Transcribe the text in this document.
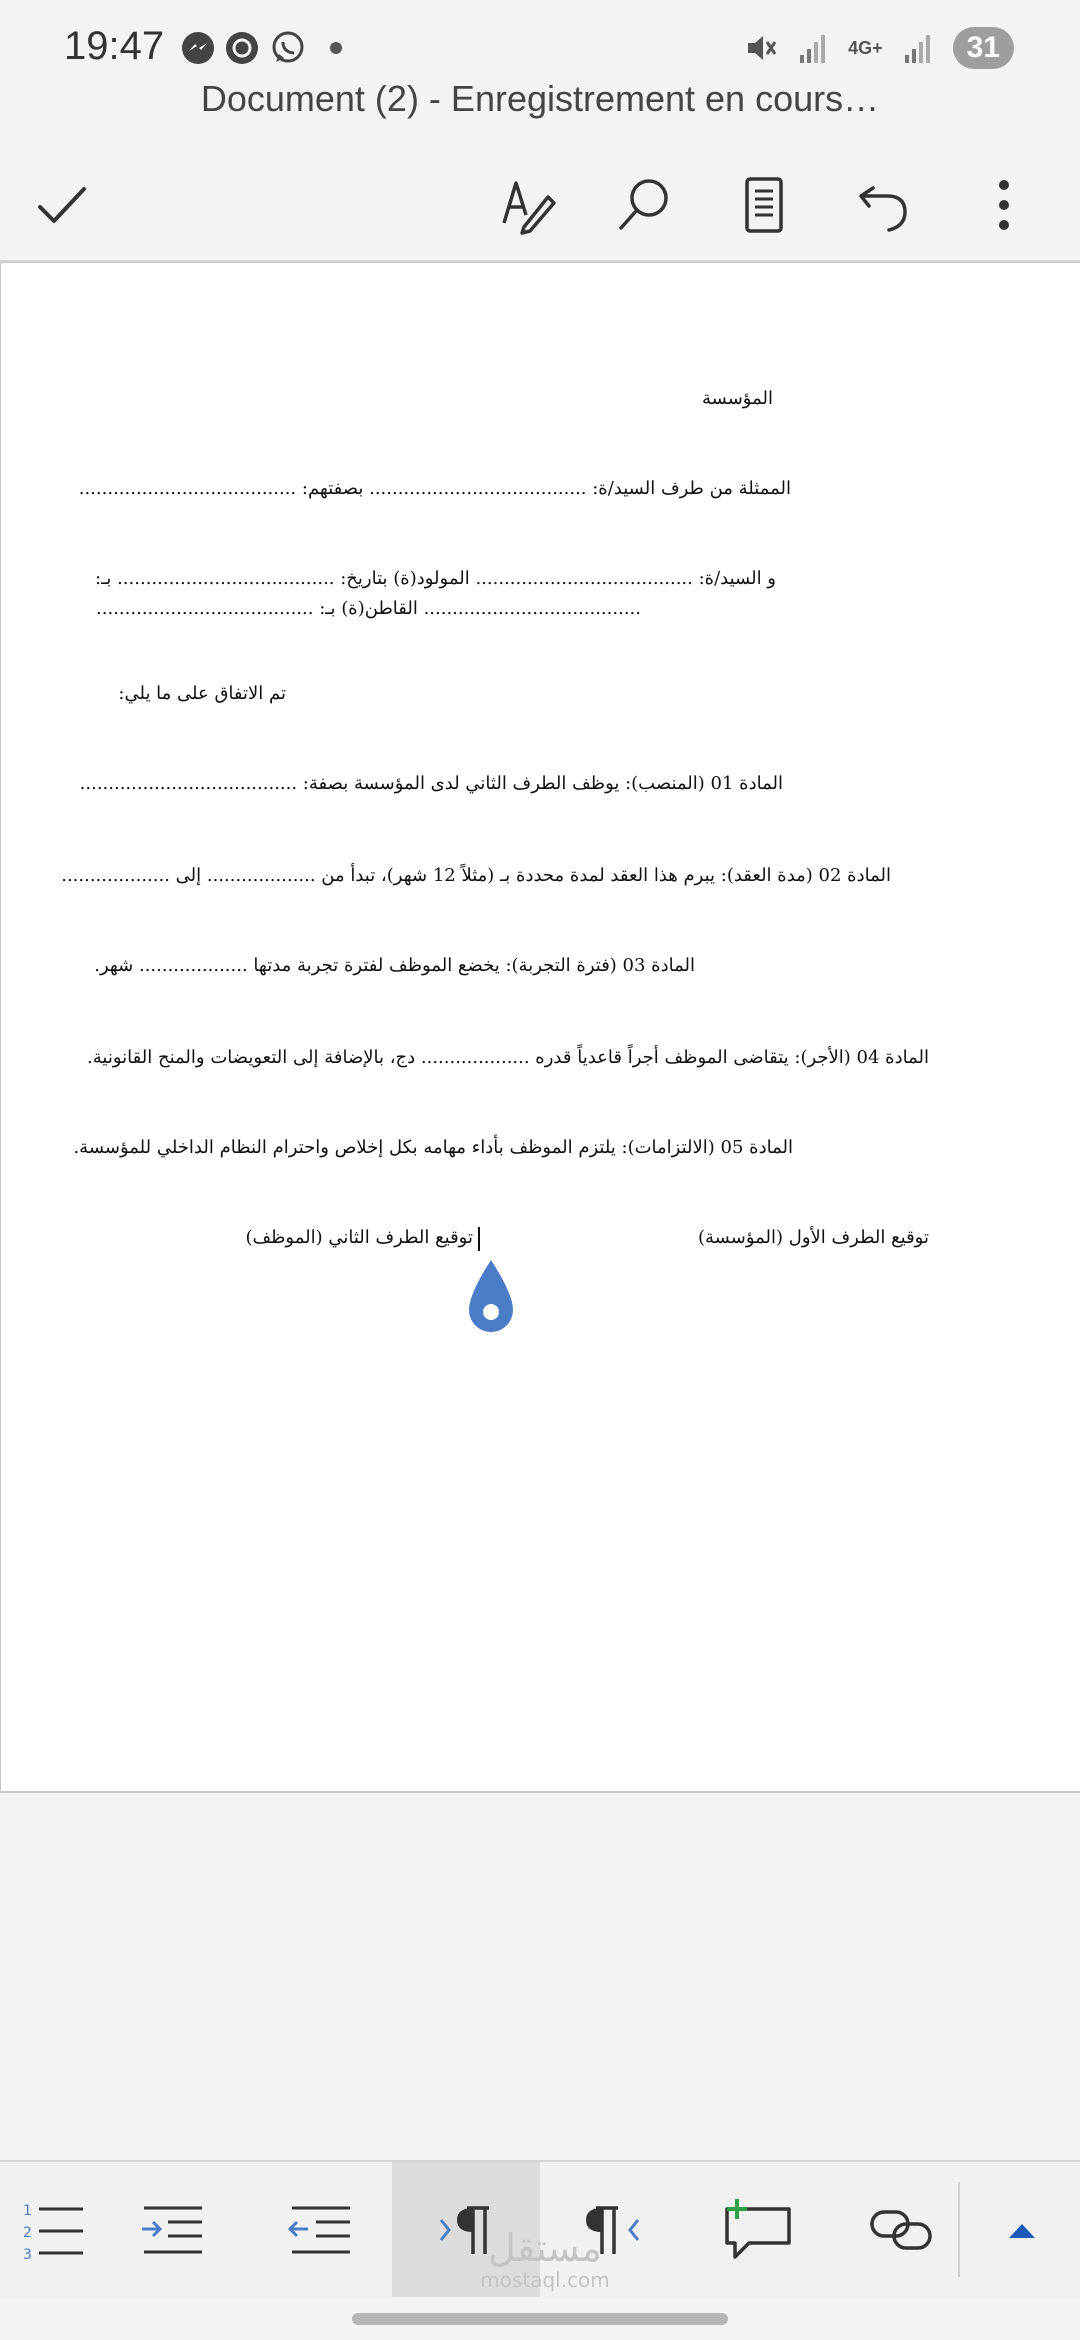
19:47	4G+	31
Document (2) - Enregistrement en cours…
المؤسسة
الممثلة من طرف السيد/ة: ...................................... بصفتهم: ......................................
و السيد/ة: ...................................... المولود(ة) بتاريخ: ...................................... بـ:
...................................... القاطن(ة) بـ: ......................................
تم الاتفاق على ما يلي:
المادة 01 (المنصب): يوظف الطرف الثاني لدى المؤسسة بصفة: ......................................
المادة 02 (مدة العقد): يبرم هذا العقد لمدة محددة بـ (مثلاً 12 شهر)، تبدأ من ................... إلى ...................
المادة 03 (فترة التجربة): يخضع الموظف لفترة تجربة مدتها ................... شهر.
المادة 04 (الأجر): يتقاضى الموظف أجراً قاعدياً قدره ................... دج، بالإضافة إلى التعويضات والمنح القانونية.
المادة 05 (الالتزامات): يلتزم الموظف بأداء مهامه بكل إخلاص واحترام النظام الداخلي للمؤسسة.
توقيع الطرف الأول (المؤسسة)
توقيع الطرف الثاني (الموظف)
1
2
3	مستقل
mostaql.com
